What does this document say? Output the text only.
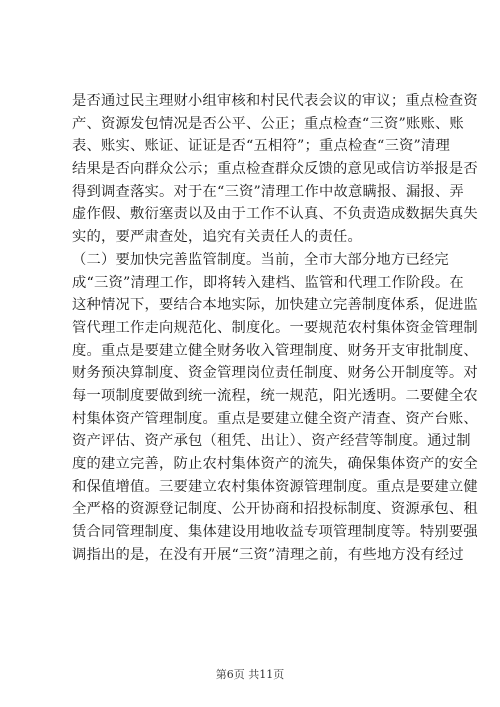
是否通过民主理财小组审核和村民代表会议的审议；重点检查资
产、资源发包情况是否公平、公正；重点检查“三资”账账、账
表、账实、账证、证证是否“五相符”；重点检查“三资”清理
结果是否向群众公示；重点检查群众反馈的意见或信访举报是否
得到调查落实。对于在“三资”清理工作中故意瞒报、漏报、弄
虚作假、敷衍塞责以及由于工作不认真、不负责造成数据失真失
实的，要严肃查处，追究有关责任人的责任。
（二）要加快完善监管制度。当前，全市大部分地方已经完
成“三资”清理工作，即将转入建档、监管和代理工作阶段。在
这种情况下，要结合本地实际，加快建立完善制度体系，促进监
管代理工作走向规范化、制度化。一要规范农村集体资金管理制
度。重点是要建立健全财务收入管理制度、财务开支审批制度、
财务预决算制度、资金管理岗位责任制度、财务公开制度等。对
每一项制度要做到统一流程，统一规范，阳光透明。二要健全农
村集体资产管理制度。重点是要建立健全资产清查、资产台账、
资产评估、资产承包（租凭、出让）、资产经营等制度。通过制
度的建立完善，防止农村集体资产的流失，确保集体资产的安全
和保值增值。三要建立农村集体资源管理制度。重点是要建立健
全严格的资源登记制度、公开协商和招投标制度、资源承包、租
赁合同管理制度、集体建设用地收益专项管理制度等。特别要强
调指出的是，在没有开展“三资”清理之前，有些地方没有经过
第6页 共11页
